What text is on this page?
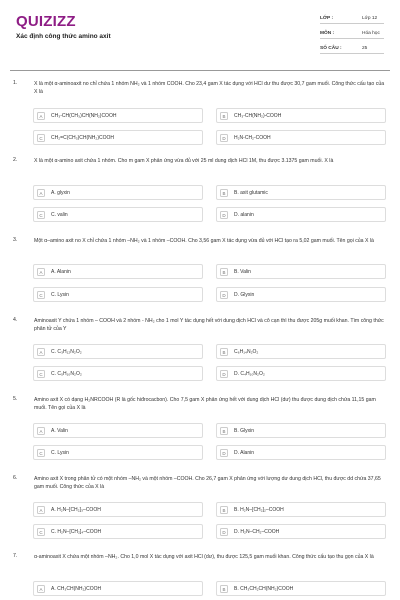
QUIZIZZ
Xác định công thức amino axit
LỚP :	Lớp 12
MÔN :	Hóa học
SỐ CÂU :	25
1.	X là một α-aminoaxit no chỉ chứa 1 nhóm NH₂ và 1 nhóm COOH. Cho 23,4 gam X tác dụng với HCl dư thu được 30,7 gam muối. Công thức cấu tạo của X là
A	CH₃-CH(CH₃)CH(NH₂)COOH	B	CH₃-CH(NH₂)-COOH
C	CH₂=C(CH₃)CH(NH₂)COOH	D	H₂N-CH₂-COOH
2.	X là một α-amino axit chứa 1 nhóm. Cho m gam X phản ứng vừa đủ với 25 ml dung dịch HCl 1M, thu được 3.1375 gam muối. X là
A	A. glyxin	B	B. axit glutamic
C	C. valin	D	D. alanin
3.	Một α–amino axit no X chỉ chứa 1 nhóm –NH₂ và 1 nhóm –COOH. Cho 3,56 gam X tác dụng vừa đủ với HCl tạo ra 5,02 gam muối. Tên gọi của X là
A	A. Alanin	B	B. Valin
C	C. Lysin	D	D. Glyxin
4.	Aminoaxit Y chứa 1 nhóm – COOH và 2 nhóm - NH₂ cho 1 mol Y tác dụng hết với dung dịch HCl và cô cạn thì thu được 205g muối khan. Tìm công thức phân tử của Y
A	C. C₃H₁₂N₂O₂	B	C₆H₁₄N₂O₂
C	C. C₅H₁₀N₂O₂	D	D. C₄H₁₀N₂O₂
5.	Amino axit X có dạng H₂NRCOOH (R là gốc hiđrocacbon). Cho 7,5 gam X phản ứng hết với dung dịch HCl (dư) thu được dung dịch chứa 11,15 gam muối. Tên gọi của X là
A	A. Valin	B	B. Glyxin
C	C. Lysin	D	D. Alanin
6.	Amino axit X trong phân tử có một nhóm –NH₂ và một nhóm –COOH. Cho 26,7 gam X phản ứng với lượng dư dung dịch HCl, thu được dd chứa 37,65 gam muối. Công thức của X là
A	A. H₂N–[CH₂]₃–COOH	B	B. H₂N–[CH₂]₂–COOH
C	C. H₂N–[CH₂]₄–COOH	D	D. H₂N–CH₂–COOH
7.	α-aminoaxit X chứa một nhóm –NH₂. Cho 1,0 mol X tác dụng với axit HCl (dư), thu được 125,5 gam muối khan. Công thức cấu tạo thu gọn của X là
A	A. CH₃CH(NH₂)COOH	B	B. CH₃CH₂CH(NH₂)COOH
